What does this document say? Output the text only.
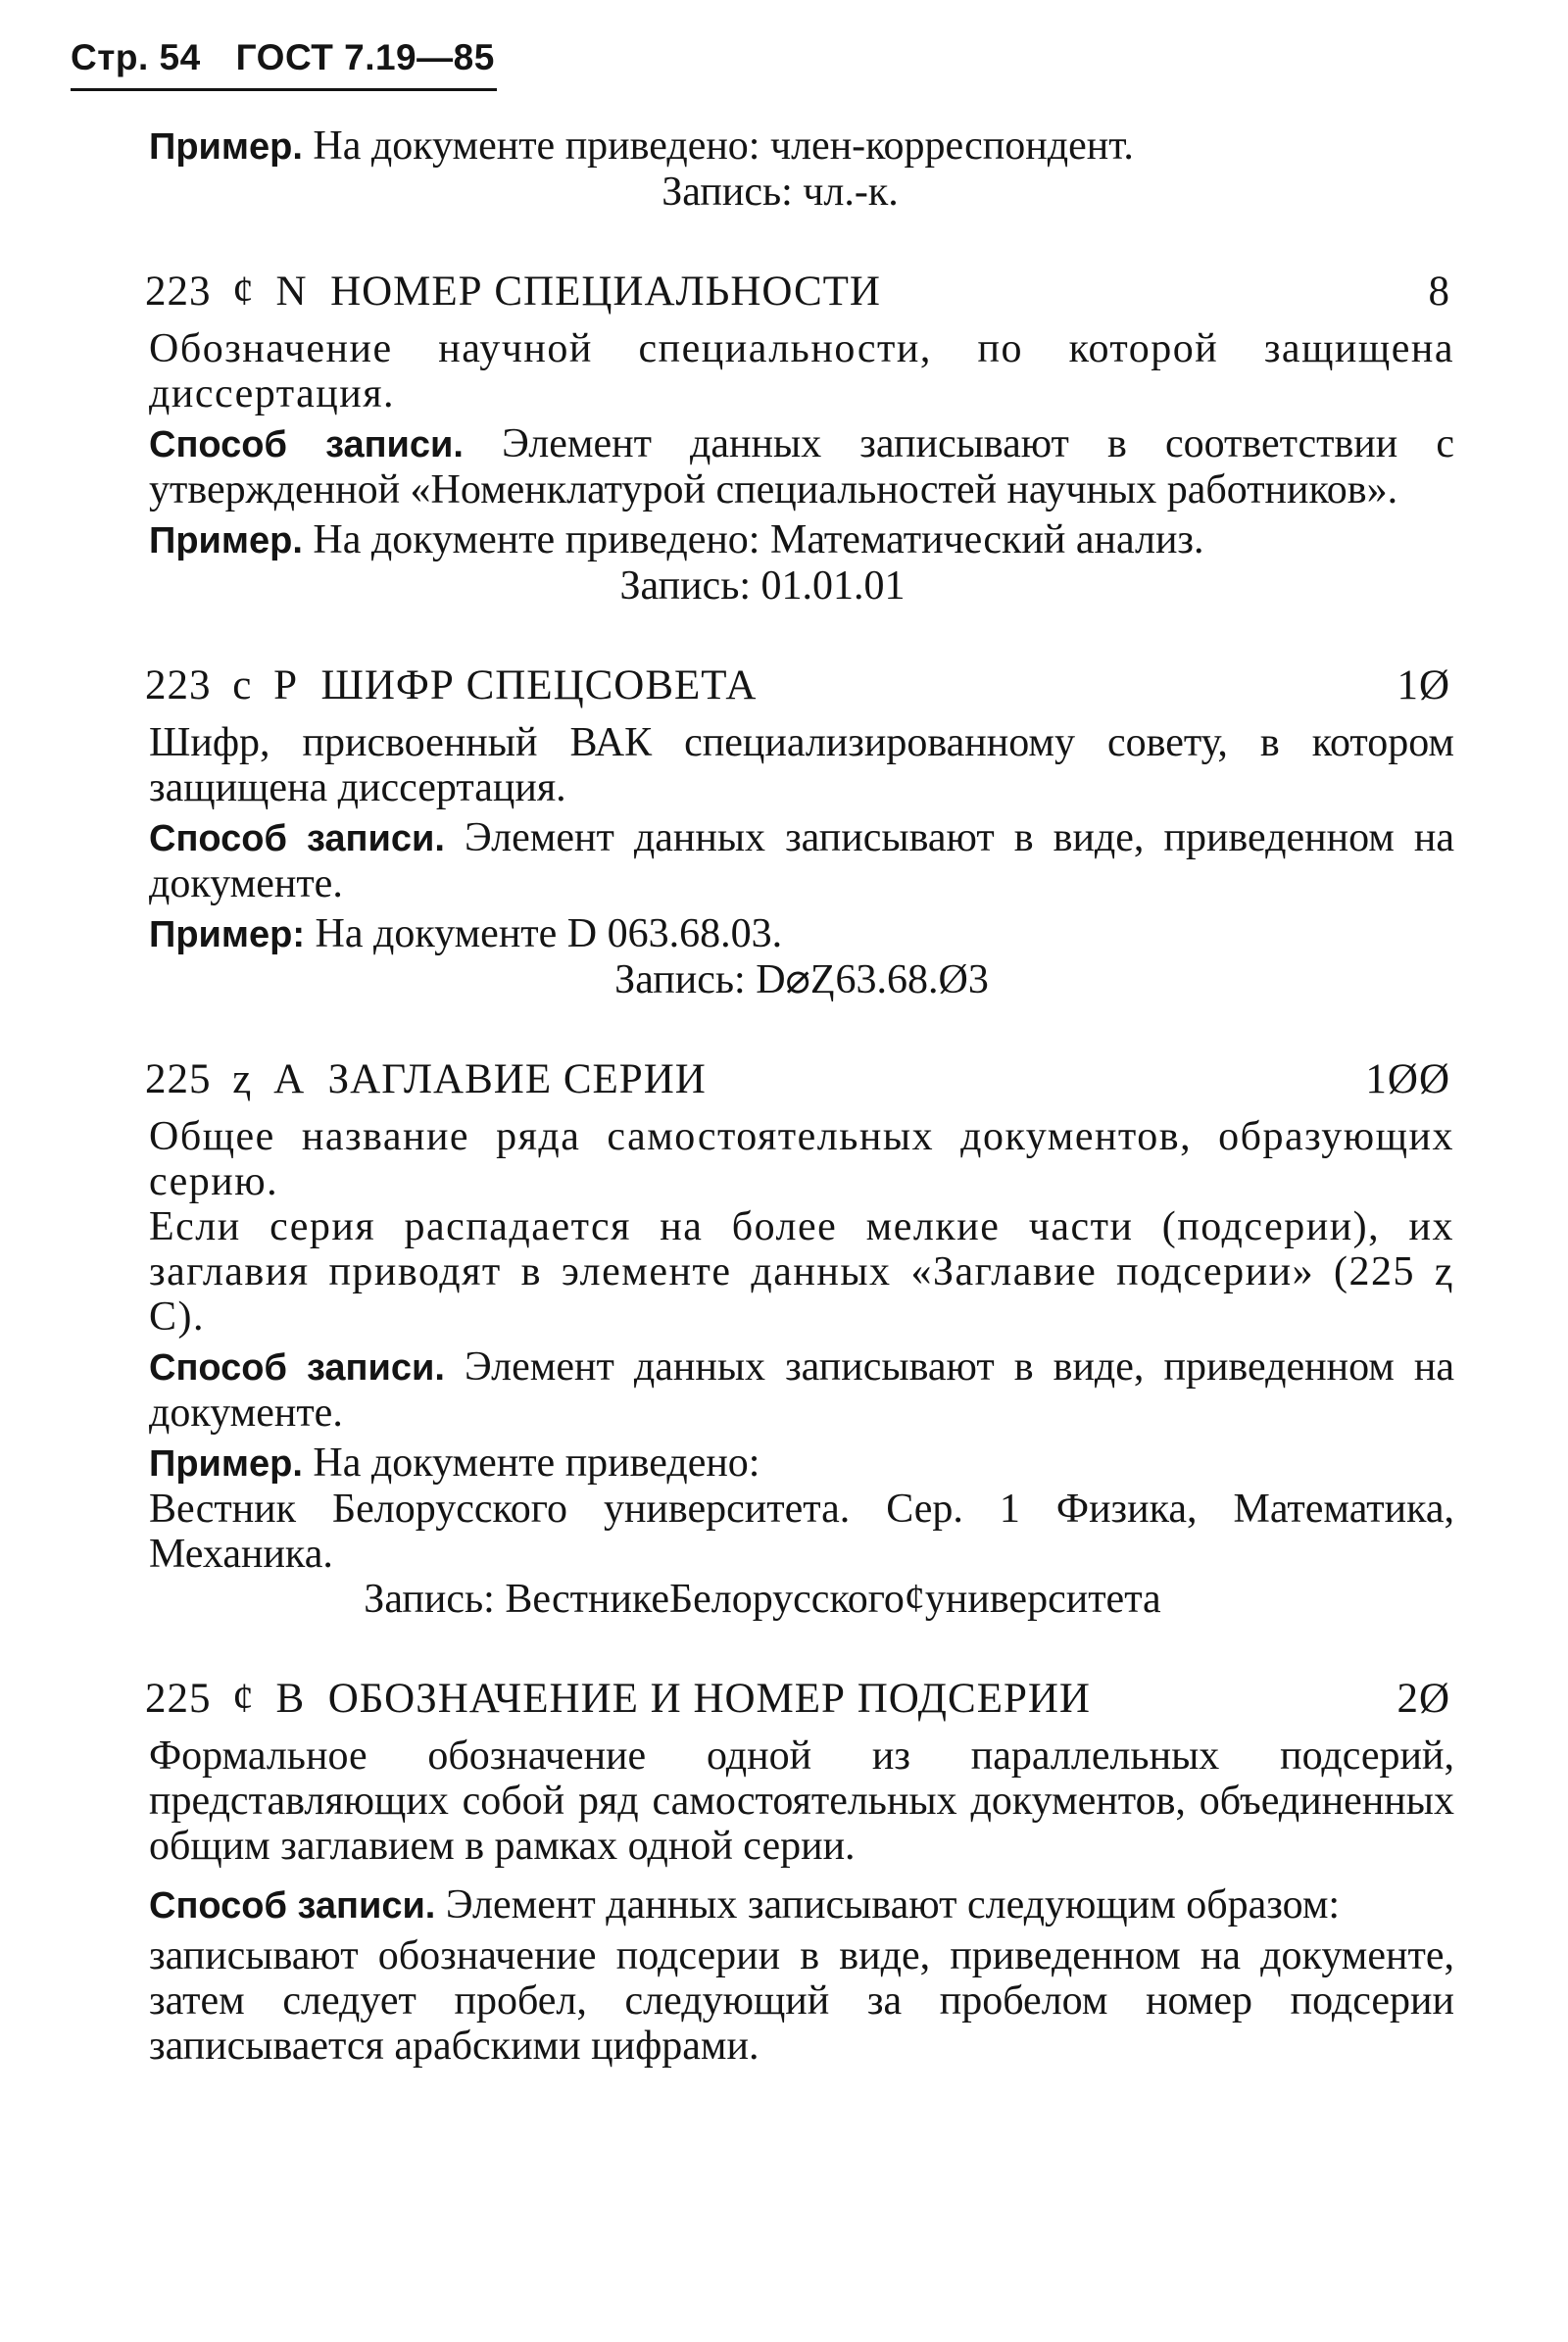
Стр. 54 ГОСТ 7.19—85

Пример. На документе приведено: член-корреспондент.

Запись: чл.-к.

223 ȼ N НОМЕР СПЕЦИАЛЬНОСТИ	8

Обозначение научной специальности, по которой защищена диссертация.

Способ записи. Элемент данных записывают в соответствии с утвержденной «Номенклатурой специальностей научных работников».

Пример. На документе приведено: Математический анализ.

Запись: 01.01.01

223 с Р ШИФР СПЕЦСОВЕТА	1Ø

Шифр, присвоенный ВАК специализированному совету, в котором защищена диссертация.

Способ записи. Элемент данных записывают в виде, приведенном на документе.

Пример: На документе D 063.68.03.

Запись: D⌀Ⱬ63.68.Ø3

225 ⱬ А ЗАГЛАВИЕ СЕРИИ	1ØØ

Общее название ряда самостоятельных документов, образующих серию.

Если серия распадается на более мелкие части (подсерии), их заглавия приводят в элементе данных «Заглавие подсерии» (225 ⱬ С).

Способ записи. Элемент данных записывают в виде, приведенном на документе.

Пример. На документе приведено:

Вестник Белорусского университета. Сер. 1 Физика, Математика, Механика.

Запись: ВестникеБелорусскогоȼуниверситета

225 ȼ В ОБОЗНАЧЕНИЕ И НОМЕР ПОДСЕРИИ	2Ø

Формальное обозначение одной из параллельных подсерий, представляющих собой ряд самостоятельных документов, объединенных общим заглавием в рамках одной серии.

Способ записи. Элемент данных записывают следующим образом:

записывают обозначение подсерии в виде, приведенном на документе, затем следует пробел, следующий за пробелом номер подсерии записывается арабскими цифрами.
